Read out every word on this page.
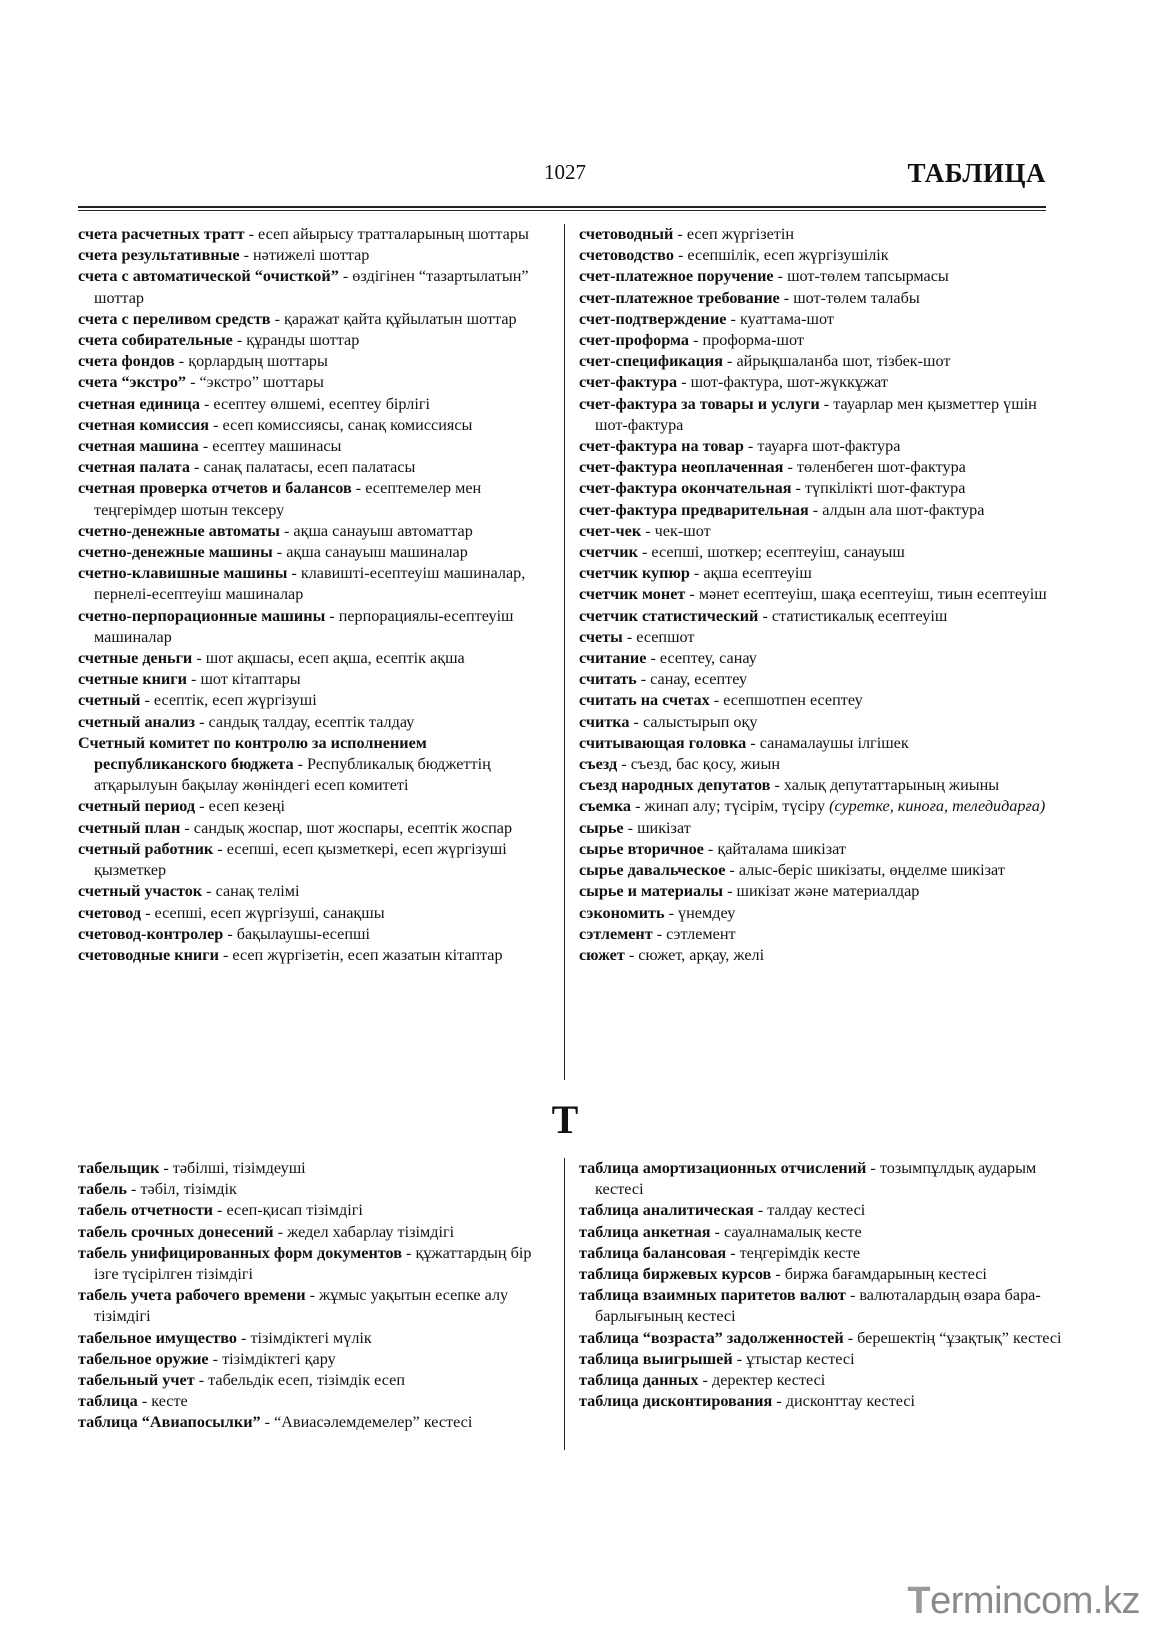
1027	ТАБЛИЦА

счета расчетных тратт - есеп айырысу тратталарының шоттары

счета результативные - нәтижелі шоттар

счета с автоматической “очисткой” - өздігінен “тазартылатын” шоттар

счета с переливом средств - қаражат қайта құйылатын шоттар

счета собирательные - құранды шоттар

счета фондов - қорлардың шоттары

счета “экстро” - “экстро” шоттары

счетная единица - есептеу өлшемі, есептеу бірлігі

счетная комиссия - есеп комиссиясы, санақ комиссиясы

счетная машина - есептеу машинасы

счетная палата - санақ палатасы, есеп палатасы

счетная проверка отчетов и балансов - есептемелер мен теңгерімдер шотын тексеру

счетно-денежные автоматы - ақша санауыш автоматтар

счетно-денежные машины - ақша санауыш машиналар

счетно-клавишные машины - клавишті-есептеуіш машиналар, пернелі-есептеуіш машиналар

счетно-перпорационные машины - перпорациялы-есептеуіш машиналар

счетные деньги - шот ақшасы, есеп ақша, есептік ақша

счетные книги - шот кітаптары

счетный - есептік, есеп жүргізуші

счетный анализ - сандық талдау, есептік талдау

Счетный комитет по контролю за исполнением республиканского бюджета - Республикалық бюджеттің атқарылуын бақылау жөніндегі есеп комитеті

счетный период - есеп кезеңі

счетный план - сандық жоспар, шот жоспары, есептік жоспар

счетный работник - есепші, есеп қызметкері, есеп жүргізуші қызметкер

счетный участок - санақ телімі

счетовод - есепші, есеп жүргізуші, санақшы

счетовод-контролер - бақылаушы-есепші

счетоводные книги - есеп жүргізетін, есеп жазатын кітаптар

счетоводный - есеп жүргізетін

счетоводство - есепшілік, есеп жүргізушілік

счет-платежное поручение - шот-төлем тапсырмасы

счет-платежное требование - шот-төлем талабы

счет-подтверждение - куаттама-шот

счет-проформа - проформа-шот

счет-спецификация - айрықшаланба шот, тізбек-шот

счет-фактура - шот-фактура, шот-жүккұжат

счет-фактура за товары и услуги - тауарлар мен қызметтер үшін шот-фактура

счет-фактура на товар - тауарға шот-фактура

счет-фактура неоплаченная - төленбеген шот-фактура

счет-фактура окончательная - түпкілікті шот-фактура

счет-фактура предварительная - алдын ала шот-фактура

счет-чек - чек-шот

счетчик - есепші, шоткер; есептеуіш, санауыш

счетчик купюр - ақша есептеуіш

счетчик монет - мәнет есептеуіш, шақа есептеуіш, тиын есептеуіш

счетчик статистический - статистикалық есептеуіш

счеты - есепшот

считание - есептеу, санау

считать - санау, есептеу

считать на счетах - есепшотпен есептеу

считка - салыстырып оқу

считывающая головка - санамалаушы ілгішек

съезд - съезд, бас қосу, жиын

съезд народных депутатов - халық депутаттарының жиыны

съемка - жинап алу; түсірім, түсіру (суретке, киноға, теледидарға)

сырье - шикізат

сырье вторичное - қайталама шикізат

сырье давальческое - алыс-беріс шикізаты, өңделме шикізат

сырье и материалы - шикізат және материалдар

сэкономить - үнемдеу

сэтлемент - сэтлемент

сюжет - сюжет, арқау, желі

Т

табельщик - тәбілші, тізімдеуші

табель - тәбіл, тізімдік

табель отчетности - есеп-қисап тізімдігі

табель срочных донесений - жедел хабарлау тізімдігі

табель унифицированных форм документов - құжаттардың бір ізге түсірілген тізімдігі

табель учета рабочего времени - жұмыс уақытын есепке алу тізімдігі

табельное имущество - тізімдіктегі мүлік

табельное оружие - тізімдіктегі қару

табельный учет - табельдік есеп, тізімдік есеп

таблица - кесте

таблица “Авиапосылки” - “Авиасәлемдемелер” кестесі

таблица амортизационных отчислений - тозымпұлдық аударым кестесі

таблица аналитическая - талдау кестесі

таблица анкетная - сауалнамалық кесте

таблица балансовая - теңгерімдік кесте

таблица биржевых курсов - биржа бағамдарының кестесі

таблица взаимных паритетов валют - валюталардың өзара бара-барлығының кестесі

таблица “возраста” задолженностей - берешектің “ұзақтық” кестесі

таблица выигрышей - ұтыстар кестесі

таблица данных - деректер кестесі

таблица дисконтирования - дисконттау кестесі

Termincom.kz
